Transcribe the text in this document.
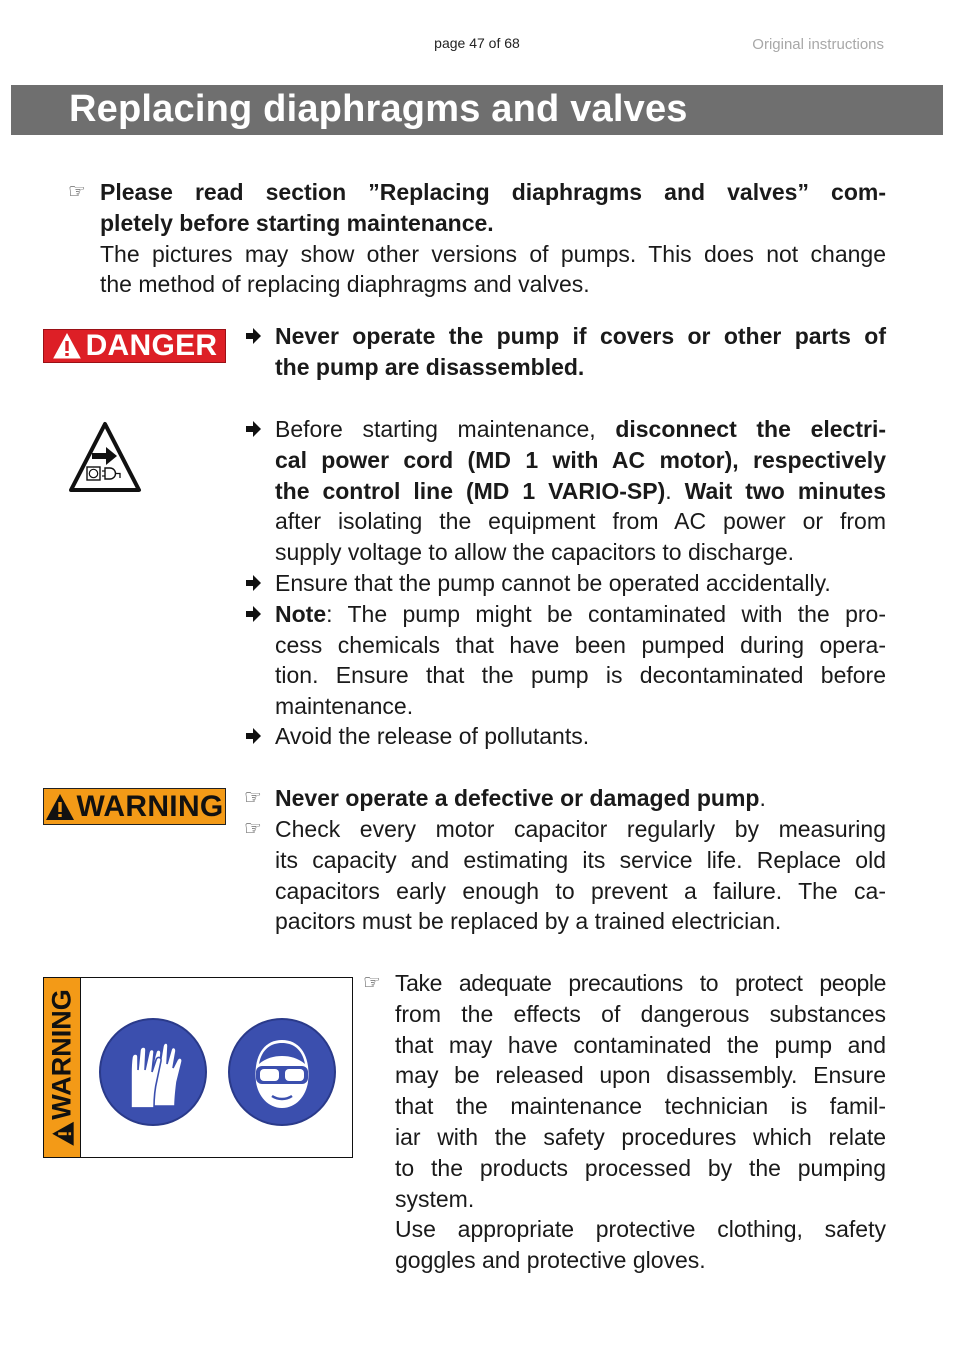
page 47 of 68	Original instructions
Replacing diaphragms and valves
☞ Please read section ”Replacing diaphragms and valves” com-
pletely before starting maintenance.
The pictures may show other versions of pumps. This does not change
the method of replacing diaphragms and valves.
DANGER	Never operate the pump if covers or other parts of
the pump are disassembled.
Before starting maintenance, disconnect the electri-
cal power cord (MD 1 with AC motor), respectively
the control line (MD 1 VARIO-SP). Wait two minutes
after isolating the equipment from AC power or from
supply voltage to allow the capacitors to discharge.
Ensure that the pump cannot be operated accidentally.
Note: The pump might be contaminated with the pro-
cess chemicals that have been pumped during opera-
tion. Ensure that the pump is decontaminated before
maintenance.
Avoid the release of pollutants.
WARNING ☞ Never operate a defective or damaged pump.
☞ Check every motor capacitor regularly by measuring
its capacity and estimating its service life. Replace old
capacitors early enough to prevent a failure. The ca-
pacitors must be replaced by a trained electrician.
WARNING
☞ Take adequate precautions to protect people
from the effects of dangerous substances
that may have contaminated the pump and
may be released upon disassembly. Ensure
that the maintenance technician is famil-
iar with the safety procedures which relate
to the products processed by the pumping
system.
Use appropriate protective clothing, safety
goggles and protective gloves.
